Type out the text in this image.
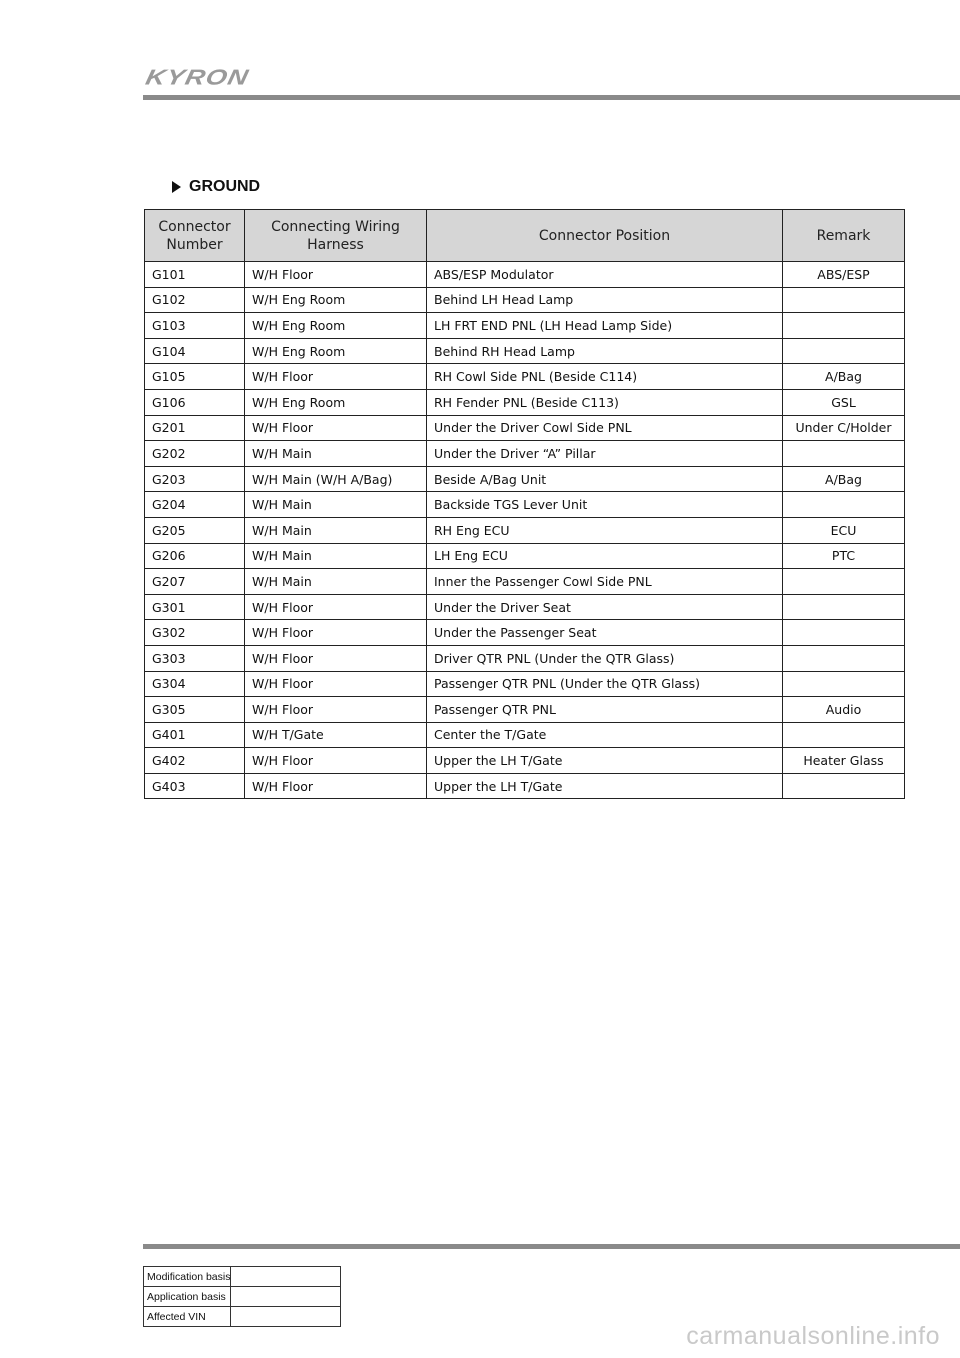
KYRON
GROUND
Connector Number	Connecting Wiring Harness	Connector Position	Remark
G101	W/H Floor	ABS/ESP Modulator	ABS/ESP
G102	W/H Eng Room	Behind LH Head Lamp	
G103	W/H Eng Room	LH FRT END PNL (LH Head Lamp Side)	
G104	W/H Eng Room	Behind RH Head Lamp	
G105	W/H Floor	RH Cowl Side PNL (Beside C114)	A/Bag
G106	W/H Eng Room	RH Fender PNL (Beside C113)	GSL
G201	W/H Floor	Under the Driver Cowl Side PNL	Under C/Holder
G202	W/H Main	Under the Driver “A” Pillar	
G203	W/H Main (W/H A/Bag)	Beside A/Bag Unit	A/Bag
G204	W/H Main	Backside TGS Lever Unit	
G205	W/H Main	RH Eng ECU	ECU
G206	W/H Main	LH Eng ECU	PTC
G207	W/H Main	Inner the Passenger Cowl Side PNL	
G301	W/H Floor	Under the Driver Seat	
G302	W/H Floor	Under the Passenger Seat	
G303	W/H Floor	Driver QTR PNL (Under the QTR Glass)	
G304	W/H Floor	Passenger QTR PNL (Under the QTR Glass)	
G305	W/H Floor	Passenger QTR PNL	Audio
G401	W/H T/Gate	Center the T/Gate	
G402	W/H Floor	Upper the LH T/Gate	Heater Glass
G403	W/H Floor	Upper the LH T/Gate	
Modification basis	
Application basis	
Affected VIN	
carmanualsonline.info
